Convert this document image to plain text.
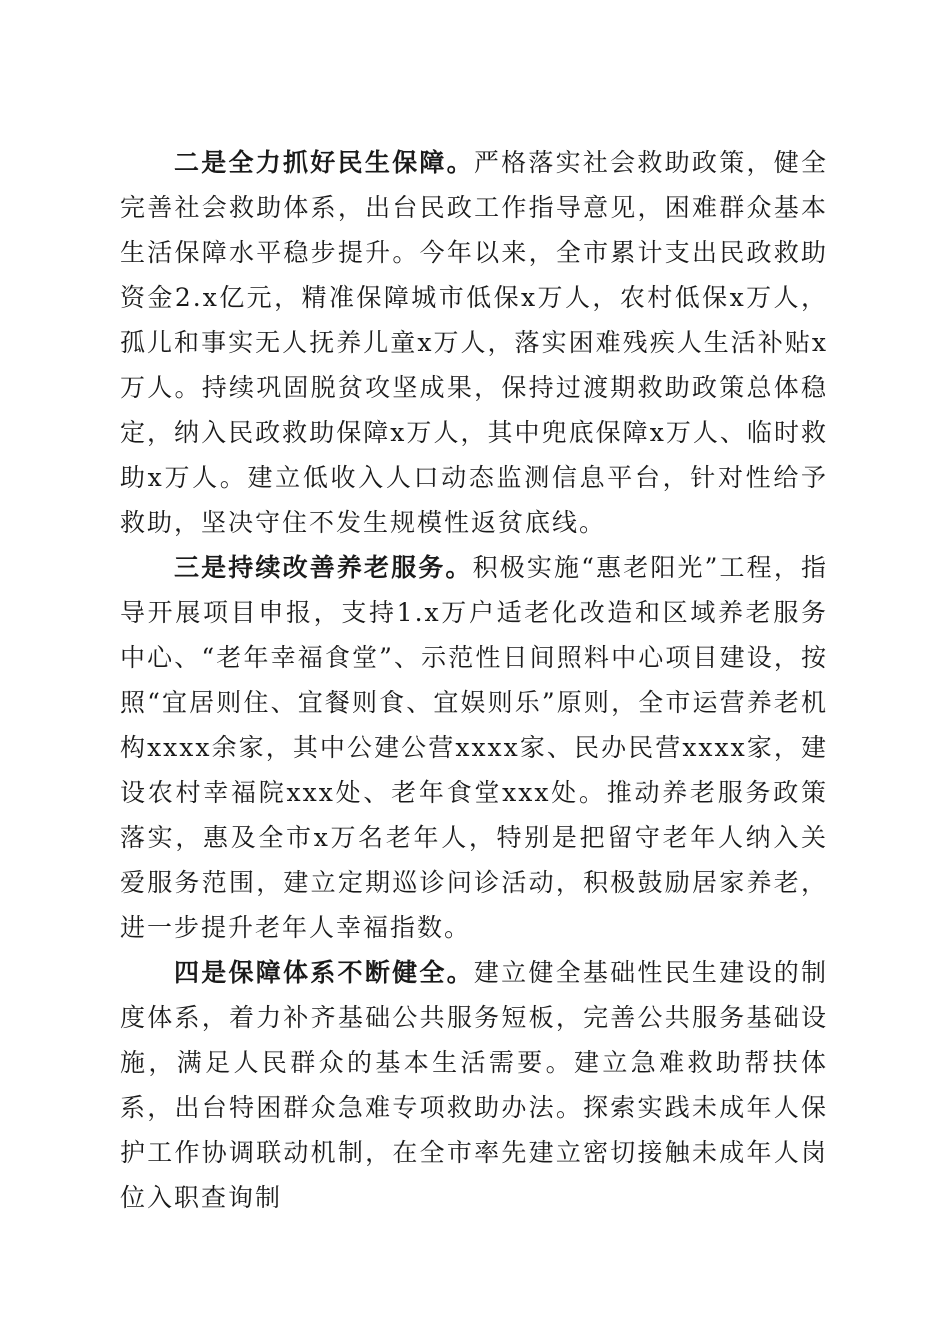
二是全力抓好民生保障。严格落实社会救助政策，健全完善社会救助体系，出台民政工作指导意见，困难群众基本生活保障水平稳步提升。今年以来，全市累计支出民政救助资金2.x亿元，精准保障城市低保x万人，农村低保x万人，孤儿和事实无人抚养儿童x万人，落实困难残疾人生活补贴x万人。持续巩固脱贫攻坚成果，保持过渡期救助政策总体稳定，纳入民政救助保障x万人，其中兜底保障x万人、临时救助x万人。建立低收入人口动态监测信息平台，针对性给予救助，坚决守住不发生规模性返贫底线。

三是持续改善养老服务。积极实施“惠老阳光”工程，指导开展项目申报，支持1.x万户适老化改造和区域养老服务中心、“老年幸福食堂”、示范性日间照料中心项目建设，按照“宜居则住、宜餐则食、宜娱则乐”原则，全市运营养老机构xxxx余家，其中公建公营xxxx家、民办民营xxxx家，建设农村幸福院xxx处、老年食堂xxx处。推动养老服务政策落实，惠及全市x万名老年人，特别是把留守老年人纳入关爱服务范围，建立定期巡诊问诊活动，积极鼓励居家养老，进一步提升老年人幸福指数。

四是保障体系不断健全。建立健全基础性民生建设的制度体系，着力补齐基础公共服务短板，完善公共服务基础设施，满足人民群众的基本生活需要。建立急难救助帮扶体系，出台特困群众急难专项救助办法。探索实践未成年人保护工作协调联动机制，在全市率先建立密切接触未成年人岗位入职查询制
